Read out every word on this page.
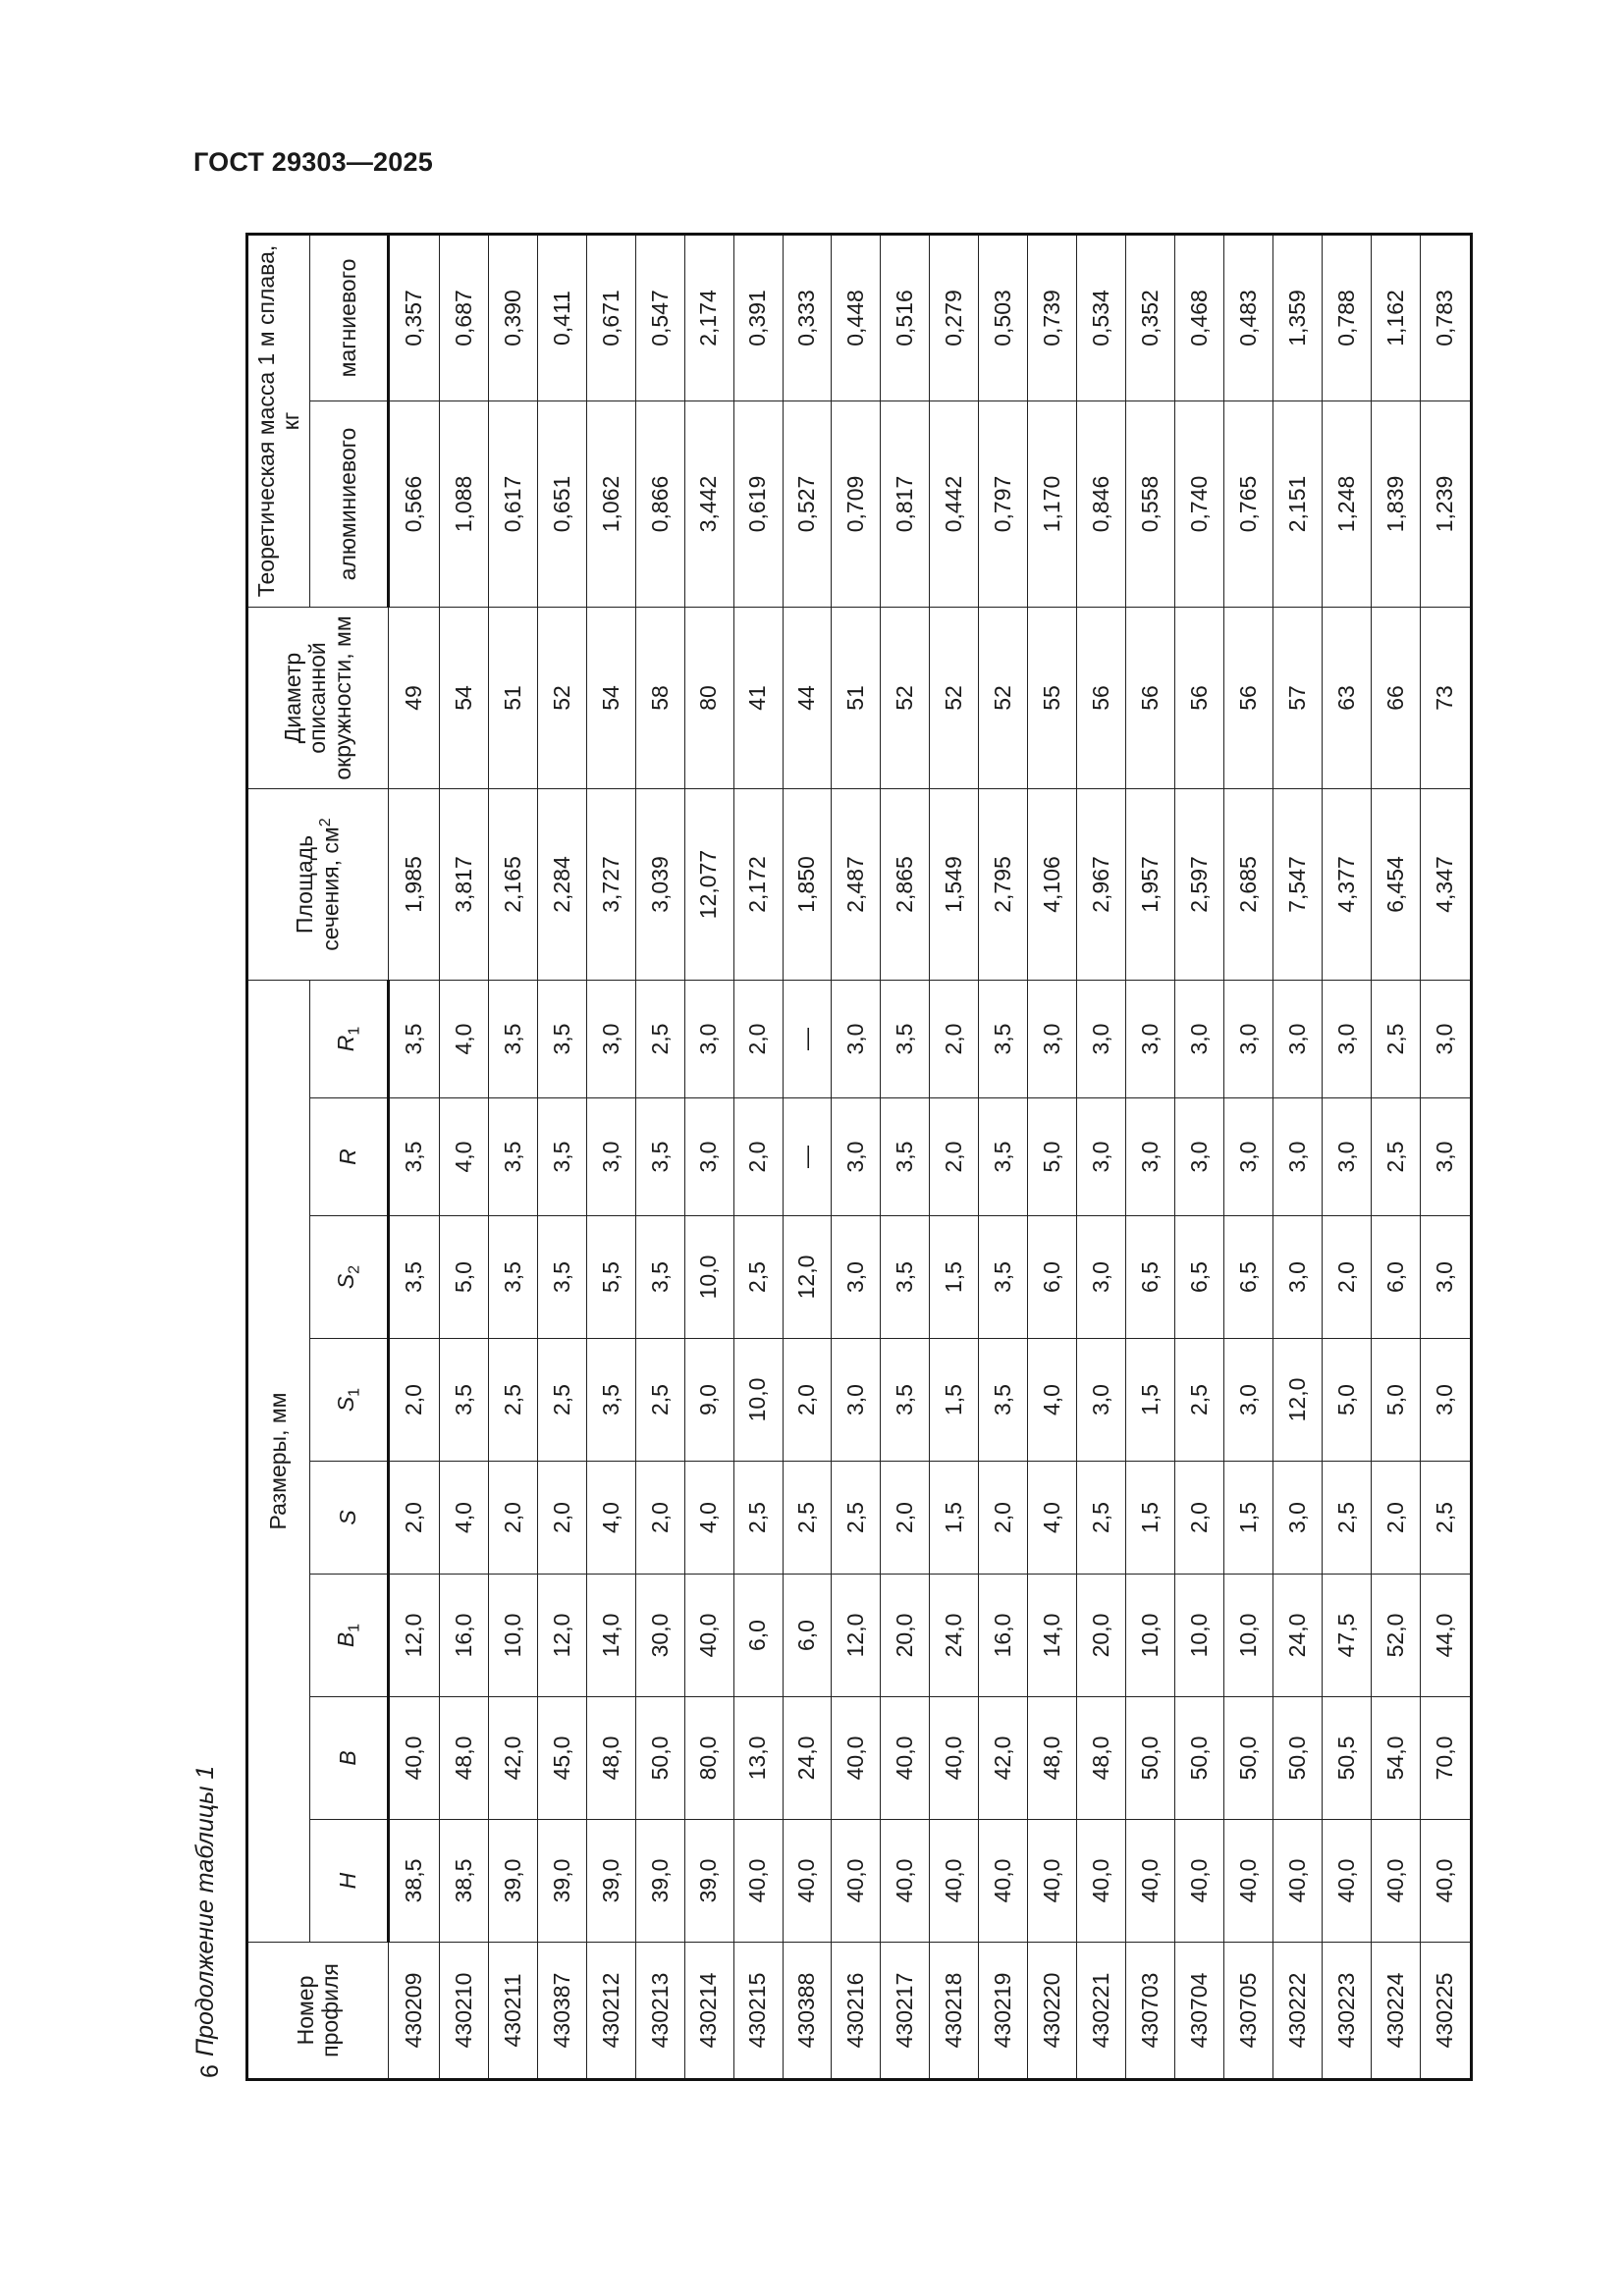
ГОСТ 29303—2025
6
Продолжение таблицы 1	Номер профиля	Размеры, мм								Площадь сечения, $см^2$	Диаметр описанной окружности, мм	Теоретическая масса 1 м сплава, кг	
	H	B	$B_1$	S	$S_1$	$S_2$	R	$R_1$			алюминиевого	магниевого
430209	38,5	40,0	12,0	2,0	2,0	3,5	3,5	3,5	1,985	49	0,566	0,357
430210	38,5	48,0	16,0	4,0	3,5	5,0	4,0	4,0	3,817	54	1,088	0,687
430211	39,0	42,0	10,0	2,0	2,5	3,5	3,5	3,5	2,165	51	0,617	0,390
430387	39,0	45,0	12,0	2,0	2,5	3,5	3,5	3,5	2,284	52	0,651	0,411
430212	39,0	48,0	14,0	4,0	3,5	5,5	3,0	3,0	3,727	54	1,062	0,671
430213	39,0	50,0	30,0	2,0	2,5	3,5	3,5	2,5	3,039	58	0,866	0,547
430214	39,0	80,0	40,0	4,0	9,0	10,0	3,0	3,0	12,077	80	3,442	2,174
430215	40,0	13,0	6,0	2,5	10,0	2,5	2,0	2,0	2,172	41	0,619	0,391
430388	40,0	24,0	6,0	2,5	2,0	12,0	—	—	1,850	44	0,527	0,333
430216	40,0	40,0	12,0	2,5	3,0	3,0	3,0	3,0	2,487	51	0,709	0,448
430217	40,0	40,0	20,0	2,0	3,5	3,5	3,5	3,5	2,865	52	0,817	0,516
430218	40,0	40,0	24,0	1,5	1,5	1,5	2,0	2,0	1,549	52	0,442	0,279
430219	40,0	42,0	16,0	2,0	3,5	3,5	3,5	3,5	2,795	52	0,797	0,503
430220	40,0	48,0	14,0	4,0	4,0	6,0	5,0	3,0	4,106	55	1,170	0,739
430221	40,0	48,0	20,0	2,5	3,0	3,0	3,0	3,0	2,967	56	0,846	0,534
430703	40,0	50,0	10,0	1,5	1,5	6,5	3,0	3,0	1,957	56	0,558	0,352
430704	40,0	50,0	10,0	2,0	2,5	6,5	3,0	3,0	2,597	56	0,740	0,468
430705	40,0	50,0	10,0	1,5	3,0	6,5	3,0	3,0	2,685	56	0,765	0,483
430222	40,0	50,0	24,0	3,0	12,0	3,0	3,0	3,0	7,547	57	2,151	1,359
430223	40,0	50,5	47,5	2,5	5,0	2,0	3,0	3,0	4,377	63	1,248	0,788
430224	40,0	54,0	52,0	2,0	5,0	6,0	2,5	2,5	6,454	66	1,839	1,162
430225	40,0	70,0	44,0	2,5	3,0	3,0	3,0	3,0	4,347	73	1,239	0,783
